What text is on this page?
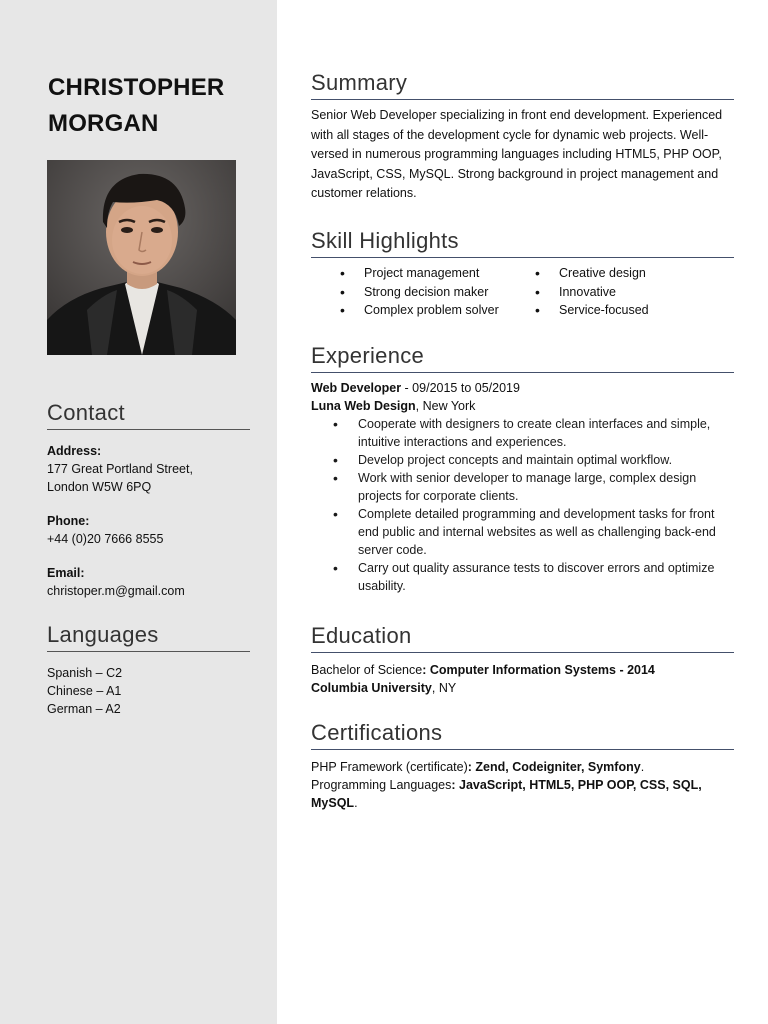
CHRISTOPHER
MORGAN
Contact
Address:
177 Great Portland Street,
London W5W 6PQ
Phone:
+44 (0)20 7666 8555
Email:
christoper.m@gmail.com
Languages
Spanish – C2
Chinese – A1
German – A2
Summary
Senior Web Developer specializing in front end development. Experienced with all stages of the development cycle for dynamic web projects. Well-versed in numerous programming languages including HTML5, PHP OOP, JavaScript, CSS, MySQL. Strong background in project management and customer relations.
Skill Highlights
• Project management
• Strong decision maker
• Complex problem solver
• Creative design
• Innovative
• Service-focused
Experience
Web Developer - 09/2015 to 05/2019
Luna Web Design, New York
• Cooperate with designers to create clean interfaces and simple, intuitive interactions and experiences.
• Develop project concepts and maintain optimal workflow.
• Work with senior developer to manage large, complex design projects for corporate clients.
• Complete detailed programming and development tasks for front end public and internal websites as well as challenging back-end server code.
• Carry out quality assurance tests to discover errors and optimize usability.
Education
Bachelor of Science: Computer Information Systems - 2014
Columbia University, NY
Certifications
PHP Framework (certificate): Zend, Codeigniter, Symfony.
Programming Languages: JavaScript, HTML5, PHP OOP, CSS, SQL, MySQL.
